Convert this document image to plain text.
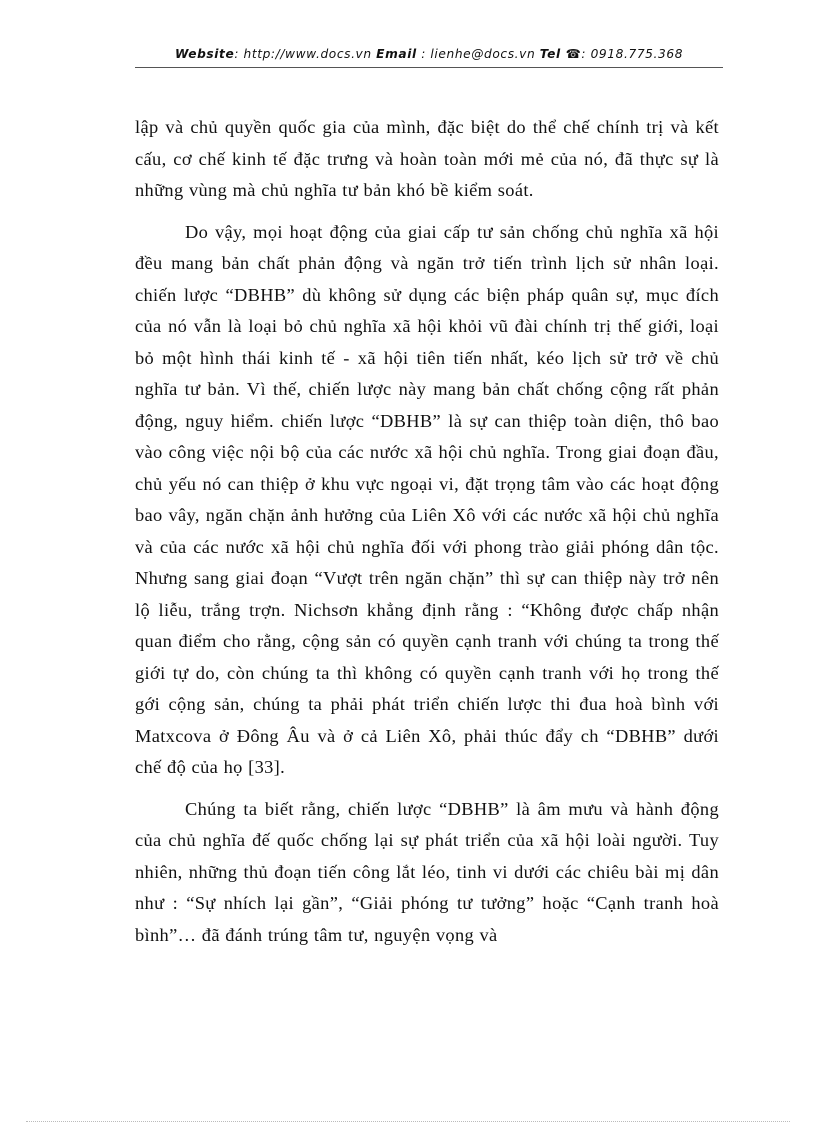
Website: http://www.docs.vn Email : lienhe@docs.vn Tel ☎: 0918.775.368

lập và chủ quyền quốc gia của mình, đặc biệt do thể chế chính trị và kết cấu, cơ chế kinh tế đặc trưng và hoàn toàn mới mẻ của nó, đã thực sự là những vùng mà chủ nghĩa tư bản khó bề kiểm soát.

Do vậy, mọi hoạt động của giai cấp tư sản chống chủ nghĩa xã hội đều mang bản chất phản động và ngăn trở tiến trình lịch sử nhân loại. chiến lược “DBHB” dù không sử dụng các biện pháp quân sự, mục đích của nó vẫn là loại bỏ chủ nghĩa xã hội khỏi vũ đài chính trị thế giới, loại bỏ một hình thái kinh tế - xã hội tiên tiến nhất, kéo lịch sử trở về chủ nghĩa tư bản. Vì thế, chiến lược này mang bản chất chống cộng rất phản động, nguy hiểm. chiến lược “DBHB” là sự can thiệp toàn diện, thô bao vào công việc nội bộ của các nước xã hội chủ nghĩa. Trong giai đoạn đầu, chủ yếu nó can thiệp ở khu vực ngoại vi, đặt trọng tâm vào các hoạt động bao vây, ngăn chặn ảnh hưởng của Liên Xô với các nước xã hội chủ nghĩa và của các nước xã hội chủ nghĩa đối với phong trào giải phóng dân tộc. Nhưng sang giai đoạn “Vượt trên ngăn chặn” thì sự can thiệp này trở nên lộ liễu, trắng trợn. Nichsơn khẳng định rằng : “Không được chấp nhận quan điểm cho rằng, cộng sản có quyền cạnh tranh với chúng ta trong thế giới tự do, còn chúng ta thì không có quyền cạnh tranh với họ trong thế gới cộng sản, chúng ta phải phát triển chiến lược thi đua hoà bình với Matxcova ở Đông Âu và ở cả Liên Xô, phải thúc đẩy ch “DBHB” dưới chế độ của họ [33].

Chúng ta biết rằng, chiến lược “DBHB” là âm mưu và hành động của chủ nghĩa đế quốc chống lại sự phát triển của xã hội loài người. Tuy nhiên, những thủ đoạn tiến công lắt léo, tinh vi dưới các chiêu bài mị dân như : “Sự nhích lại gần”, “Giải phóng tư tưởng” hoặc “Cạnh tranh hoà bình”… đã đánh trúng tâm tư, nguyện vọng và
